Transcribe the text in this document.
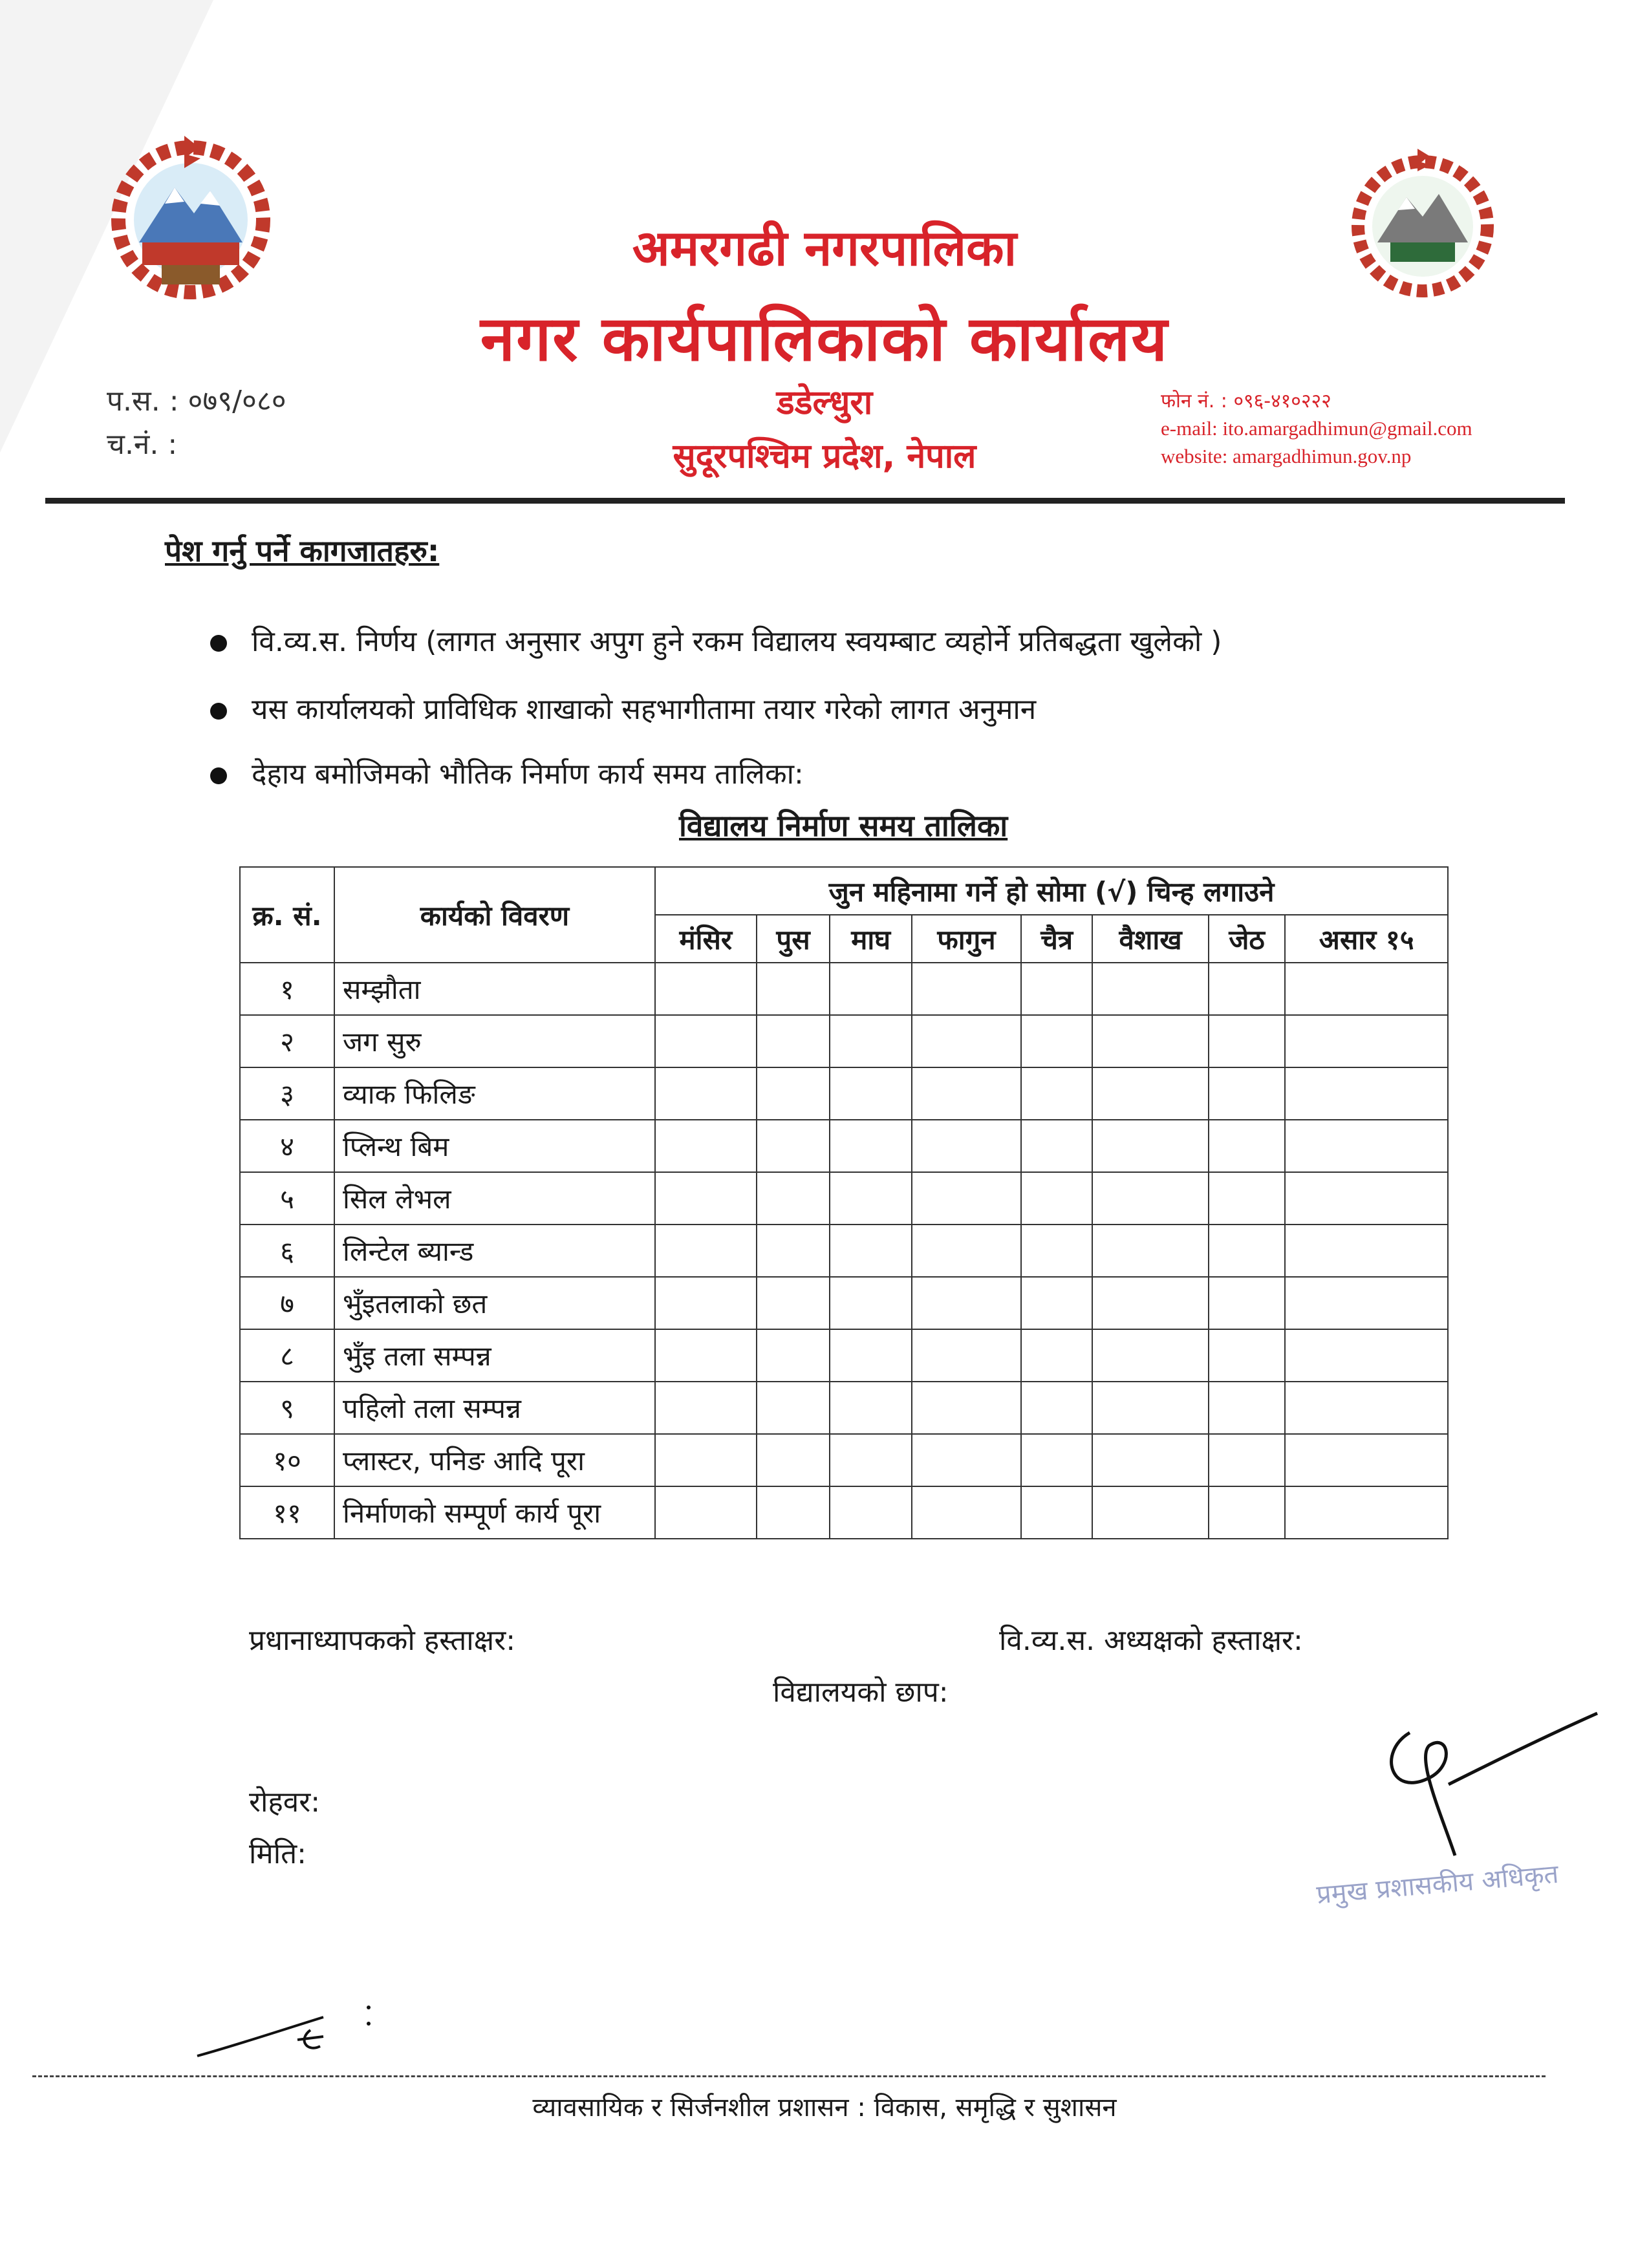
अमरगढी नगरपालिका
नगर कार्यपालिकाको कार्यालय
डडेल्धुरा
सुदूरपश्चिम प्रदेश, नेपाल
प.स. : ०७९/०८०
च.नं. :
फोन नं. : ०९६-४१०२२२
e-mail: ito.amargadhimun@gmail.com
website: amargadhimun.gov.np
पेश गर्नु पर्ने कागजातहरु:
वि.व्य.स. निर्णय (लागत अनुसार अपुग हुने रकम विद्यालय स्वयम्बाट व्यहोर्ने प्रतिबद्धता खुलेको )
यस कार्यालयको प्राविधिक शाखाको सहभागीतामा तयार गरेको लागत अनुमान
देहाय बमोजिमको भौतिक निर्माण कार्य समय तालिका:
विद्यालय निर्माण समय तालिका
क्र. सं.	कार्यको विवरण	जुन महिनामा गर्ने हो सोमा (√) चिन्ह लगाउने							
		मंसिर	पुस	माघ	फागुन	चैत्र	वैशाख	जेठ	असार १५
१	सम्झौता								
२	जग सुरु								
३	व्याक फिलिङ								
४	प्लिन्थ बिम								
५	सिल लेभल								
६	लिन्टेल ब्यान्ड								
७	भुँइतलाको छत								
८	भुँइ तला सम्पन्न								
९	पहिलो तला सम्पन्न								
१०	प्लास्टर, पनिङ आदि पूरा								
११	निर्माणको सम्पूर्ण कार्य पूरा								
प्रधानाध्यापकको हस्ताक्षर:	वि.व्य.स. अध्यक्षको हस्ताक्षर:
विद्यालयको छाप:
रोहवर:
मिति:
प्रमुख प्रशासकीय अधिकृत
व्यावसायिक र सिर्जनशील प्रशासन : विकास, समृद्धि र सुशासन
